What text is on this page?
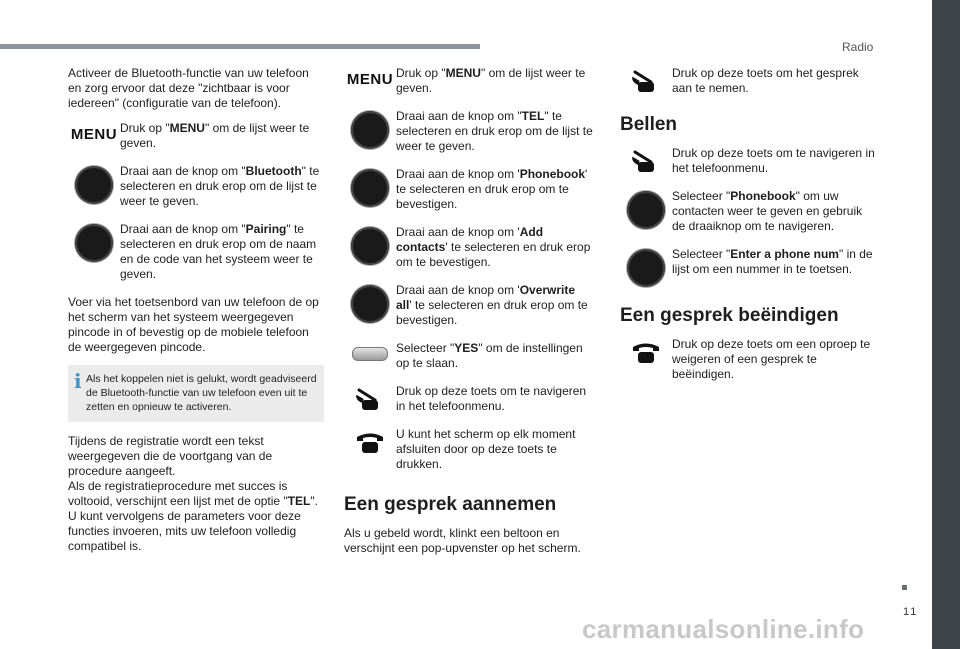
Radio
11
carmanualsonline.info

Activeer de Bluetooth-functie van uw telefoon en zorg ervoor dat deze "zichtbaar is voor iedereen" (configuratie van de telefoon).

MENU Druk op "MENU" om de lijst weer te geven.
Draai aan de knop om "Bluetooth" te selecteren en druk erop om de lijst te weer te geven.
Draai aan de knop om "Pairing" te selecteren en druk erop om de naam en de code van het systeem weer te geven.

Voer via het toetsenbord van uw telefoon de op het scherm van het systeem weergegeven pincode in of bevestig op de mobiele telefoon de weergegeven pincode.

i Als het koppelen niet is gelukt, wordt geadviseerd de Bluetooth-functie van uw telefoon even uit te zetten en opnieuw te activeren.

Tijdens de registratie wordt een tekst weergegeven die de voortgang van de procedure aangeeft.
Als de registratieprocedure met succes is voltooid, verschijnt een lijst met de optie "TEL".
U kunt vervolgens de parameters voor deze functies invoeren, mits uw telefoon volledig compatibel is.

MENU Druk op "MENU" om de lijst weer te geven.
Draai aan de knop om "TEL" te selecteren en druk erop om de lijst te weer te geven.
Draai aan de knop om 'Phonebook' te selecteren en druk erop om te bevestigen.
Draai aan de knop om 'Add contacts' te selecteren en druk erop om te bevestigen.
Draai aan de knop om 'Overwrite all' te selecteren en druk erop om te bevestigen.
Selecteer "YES" om de instellingen op te slaan.
Druk op deze toets om te navigeren in het telefoonmenu.
U kunt het scherm op elk moment afsluiten door op deze toets te drukken.
Een gesprek aannemen

Als u gebeld wordt, klinkt een beltoon en verschijnt een pop-upvenster op het scherm.

Druk op deze toets om het gesprek aan te nemen.
Bellen
Druk op deze toets om te navigeren in het telefoonmenu.
Selecteer "Phonebook" om uw contacten weer te geven en gebruik de draaiknop om te navigeren.
Selecteer "Enter a phone num" in de lijst om een nummer in te toetsen.
Een gesprek beëindigen
Druk op deze toets om een oproep te weigeren of een gesprek te beëindigen.
